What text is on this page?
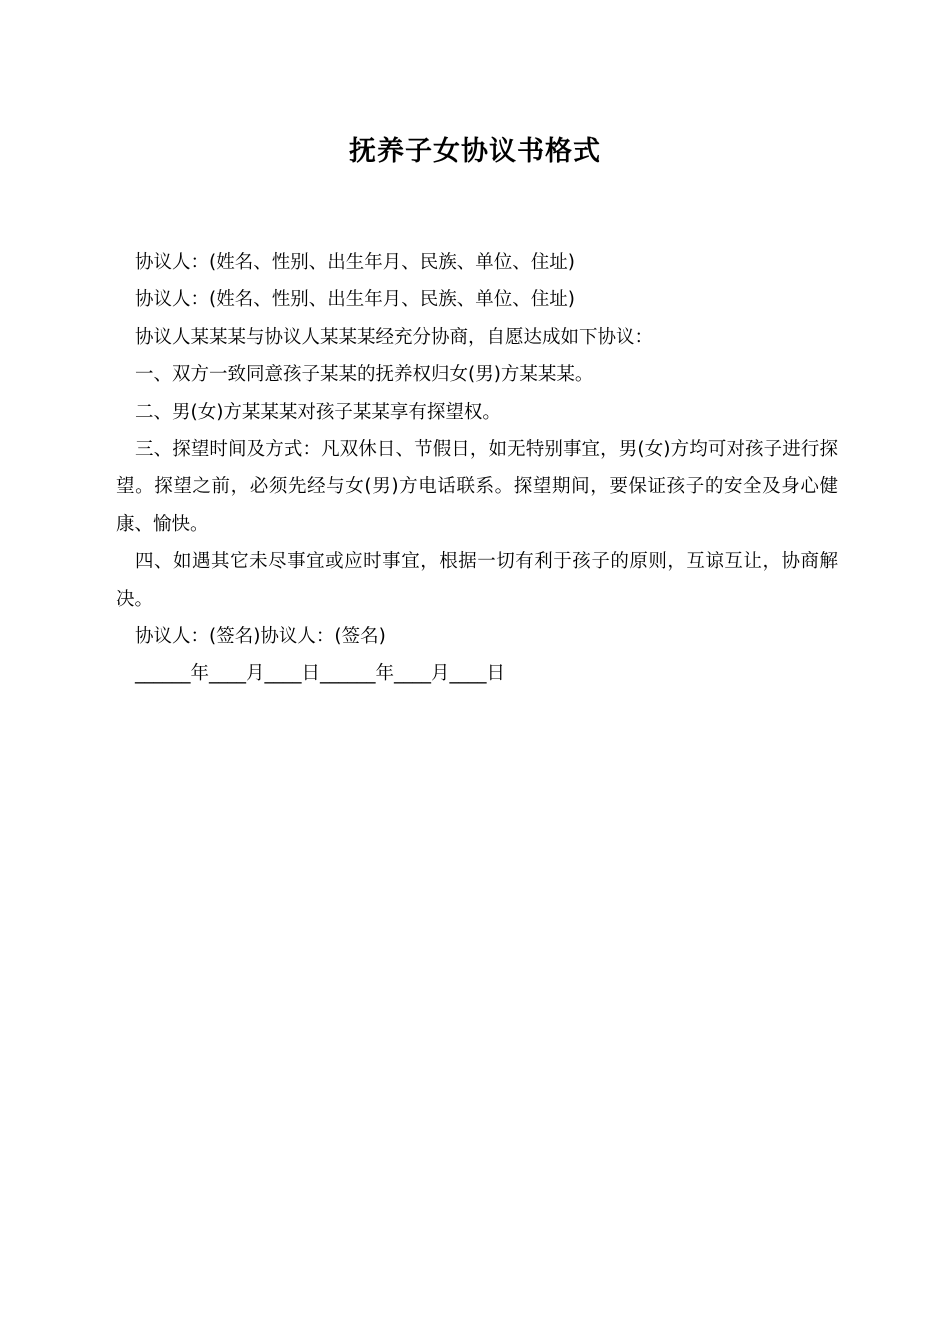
抚养子女协议书格式

协议人：(姓名、性别、出生年月、民族、单位、住址)

协议人：(姓名、性别、出生年月、民族、单位、住址)

协议人某某某与协议人某某某经充分协商，自愿达成如下协议：

一、双方一致同意孩子某某的抚养权归女(男)方某某某。

二、男(女)方某某某对孩子某某享有探望权。

三、探望时间及方式：凡双休日、节假日，如无特别事宜，男(女)方均可对孩子进行探望。探望之前，必须先经与女(男)方电话联系。探望期间，要保证孩子的安全及身心健康、愉快。

四、如遇其它未尽事宜或应时事宜，根据一切有利于孩子的原则，互谅互让，协商解决。

协议人：(签名)协议人：(签名)

______年____月____日______年____月____日
